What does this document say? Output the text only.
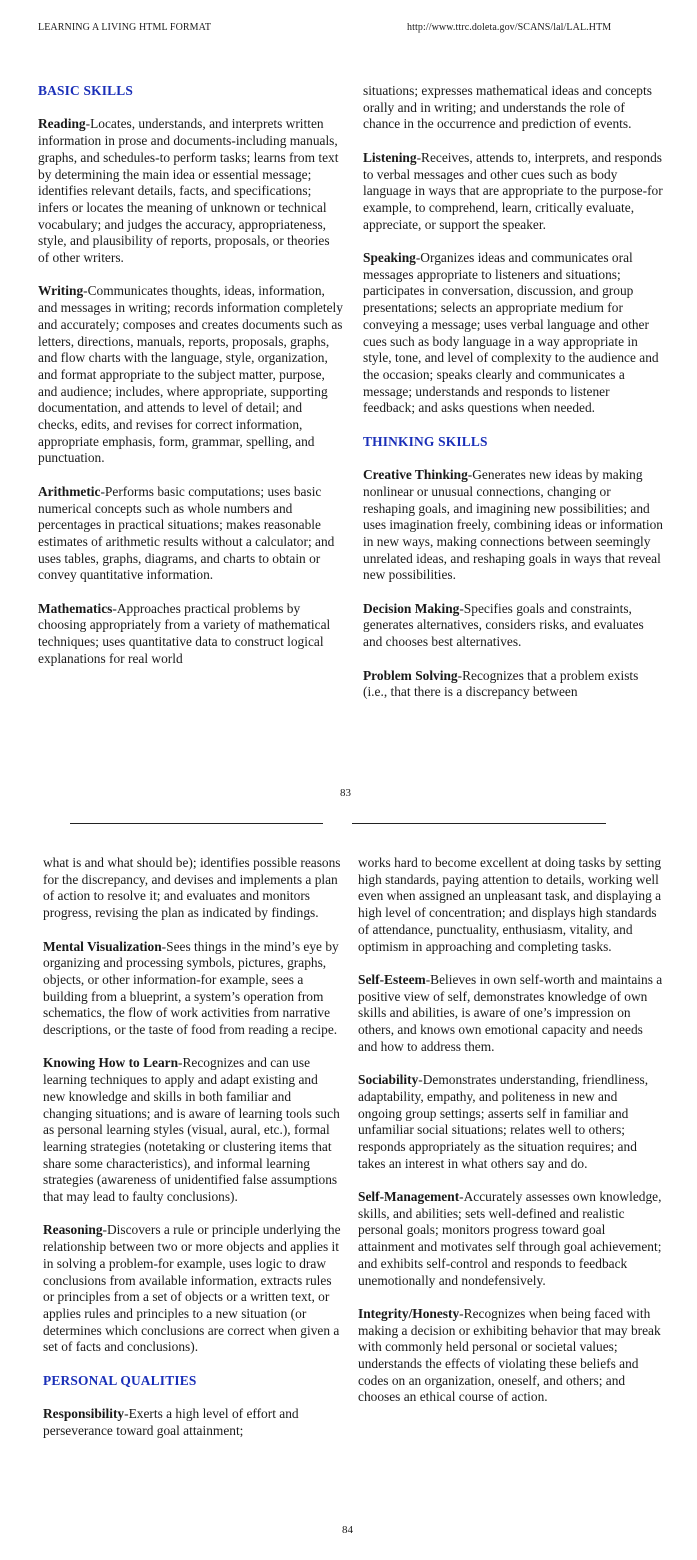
LEARNING A LIVING HTML FORMAT	http://www.ttrc.doleta.gov/SCANS/lal/LAL.HTM
BASIC SKILLS
Reading-Locates, understands, and interprets written information in prose and documents-including manuals, graphs, and schedules-to perform tasks; learns from text by determining the main idea or essential message; identifies relevant details, facts, and specifications; infers or locates the meaning of unknown or technical vocabulary; and judges the accuracy, appropriateness, style, and plausibility of reports, proposals, or theories of other writers.
Writing-Communicates thoughts, ideas, information, and messages in writing; records information completely and accurately; composes and creates documents such as letters, directions, manuals, reports, proposals, graphs, and flow charts with the language, style, organization, and format appropriate to the subject matter, purpose, and audience; includes, where appropriate, supporting documentation, and attends to level of detail; and checks, edits, and revises for correct information, appropriate emphasis, form, grammar, spelling, and punctuation.
Arithmetic-Performs basic computations; uses basic numerical concepts such as whole numbers and percentages in practical situations; makes reasonable estimates of arithmetic results without a calculator; and uses tables, graphs, diagrams, and charts to obtain or convey quantitative information.
Mathematics-Approaches practical problems by choosing appropriately from a variety of mathematical techniques; uses quantitative data to construct logical explanations for real world
situations; expresses mathematical ideas and concepts orally and in writing; and understands the role of chance in the occurrence and prediction of events.
Listening-Receives, attends to, interprets, and responds to verbal messages and other cues such as body language in ways that are appropriate to the purpose-for example, to comprehend, learn, critically evaluate, appreciate, or support the speaker.
Speaking-Organizes ideas and communicates oral messages appropriate to listeners and situations; participates in conversation, discussion, and group presentations; selects an appropriate medium for conveying a message; uses verbal language and other cues such as body language in a way appropriate in style, tone, and level of complexity to the audience and the occasion; speaks clearly and communicates a message; understands and responds to listener feedback; and asks questions when needed.
THINKING SKILLS
Creative Thinking-Generates new ideas by making nonlinear or unusual connections, changing or reshaping goals, and imagining new possibilities; and uses imagination freely, combining ideas or information in new ways, making connections between seemingly unrelated ideas, and reshaping goals in ways that reveal new possibilities.
Decision Making-Specifies goals and constraints, generates alternatives, considers risks, and evaluates and chooses best alternatives.
Problem Solving-Recognizes that a problem exists (i.e., that there is a discrepancy between
83
what is and what should be); identifies possible reasons for the discrepancy, and devises and implements a plan of action to resolve it; and evaluates and monitors progress, revising the plan as indicated by findings.
Mental Visualization-Sees things in the mind’s eye by organizing and processing symbols, pictures, graphs, objects, or other information-for example, sees a building from a blueprint, a system’s operation from schematics, the flow of work activities from narrative descriptions, or the taste of food from reading a recipe.
Knowing How to Learn-Recognizes and can use learning techniques to apply and adapt existing and new knowledge and skills in both familiar and changing situations; and is aware of learning tools such as personal learning styles (visual, aural, etc.), formal learning strategies (notetaking or clustering items that share some characteristics), and informal learning strategies (awareness of unidentified false assumptions that may lead to faulty conclusions).
Reasoning-Discovers a rule or principle underlying the relationship between two or more objects and applies it in solving a problem-for example, uses logic to draw conclusions from available information, extracts rules or principles from a set of objects or a written text, or applies rules and principles to a new situation (or determines which conclusions are correct when given a set of facts and conclusions).
PERSONAL QUALITIES
Responsibility-Exerts a high level of effort and perseverance toward goal attainment;
works hard to become excellent at doing tasks by setting high standards, paying attention to details, working well even when assigned an unpleasant task, and displaying a high level of concentration; and displays high standards of attendance, punctuality, enthusiasm, vitality, and optimism in approaching and completing tasks.
Self-Esteem-Believes in own self-worth and maintains a positive view of self, demonstrates knowledge of own skills and abilities, is aware of one’s impression on others, and knows own emotional capacity and needs and how to address them.
Sociability-Demonstrates understanding, friendliness, adaptability, empathy, and politeness in new and ongoing group settings; asserts self in familiar and unfamiliar social situations; relates well to others; responds appropriately as the situation requires; and takes an interest in what others say and do.
Self-Management-Accurately assesses own knowledge, skills, and abilities; sets well-defined and realistic personal goals; monitors progress toward goal attainment and motivates self through goal achievement; and exhibits self-control and responds to feedback unemotionally and nondefensively.
Integrity/Honesty-Recognizes when being faced with making a decision or exhibiting behavior that may break with commonly held personal or societal values; understands the effects of violating these beliefs and codes on an organization, oneself, and others; and chooses an ethical course of action.
84
